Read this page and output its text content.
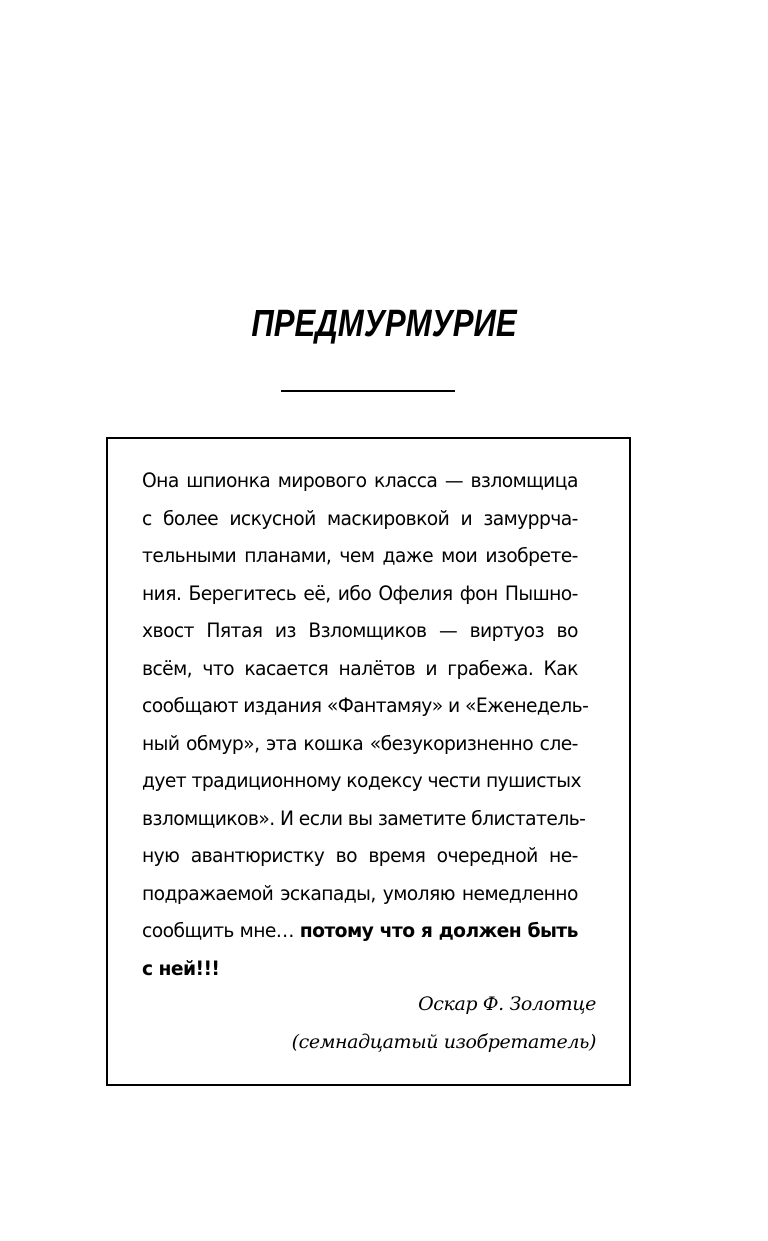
ПРЕДМУРМУРИЕ
Она шпионка мирового класса — взломщица
с более искусной маскировкой и замуррча-
тельными планами, чем даже мои изобрете-
ния. Берегитесь её, ибо Офелия фон Пышно-
хвост Пятая из Взломщиков — виртуоз во
всём, что касается налётов и грабежа. Как
сообщают издания «Фантамяу» и «Еженедель-
ный обмур», эта кошка «безукоризненно сле-
дует традиционному кодексу чести пушистых
взломщиков». И если вы заметите блистатель-
ную авантюристку во время очередной не-
подражаемой эскапады, умоляю немедленно
сообщить мне… потому что я должен быть
с ней!!!
Оскар Ф. Золотце
(семнадцатый изобретатель)
